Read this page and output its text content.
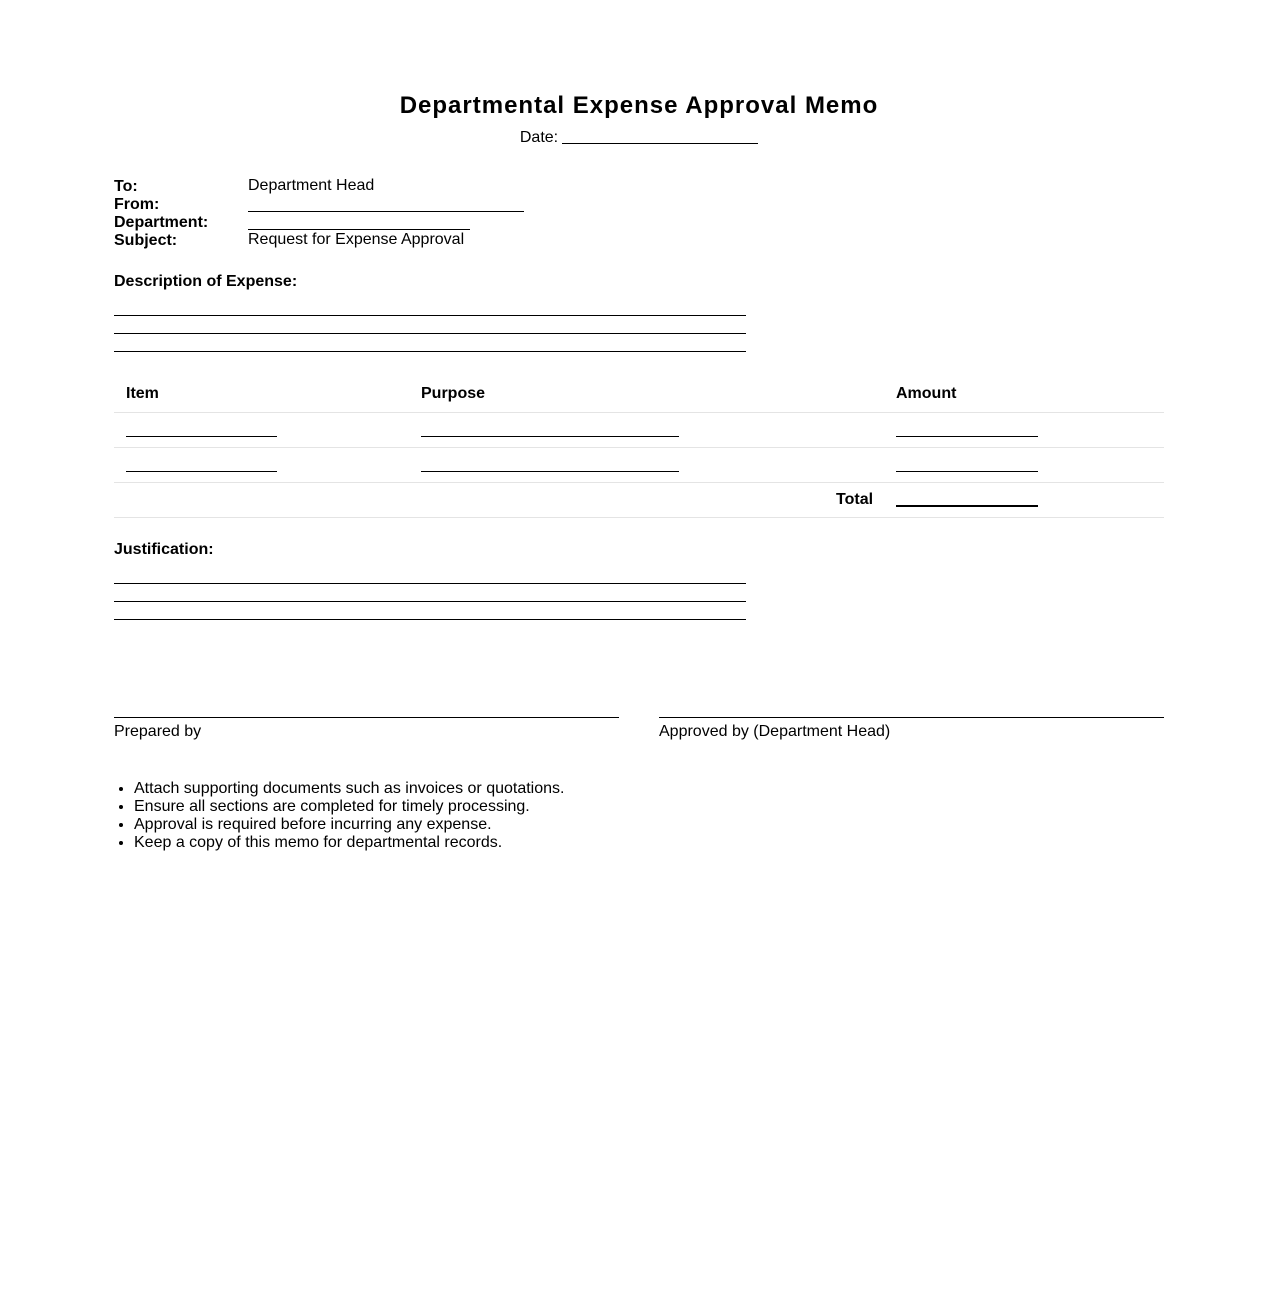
Departmental Expense Approval Memo
Date:
To:	Department Head
From:
Department:
Subject:	Request for Expense Approval
Description of Expense:
Item	Purpose	Amount
Total
Justification:
Prepared by	Approved by (Department Head)
• Attach supporting documents such as invoices or quotations.
• Ensure all sections are completed for timely processing.
• Approval is required before incurring any expense.
• Keep a copy of this memo for departmental records.
